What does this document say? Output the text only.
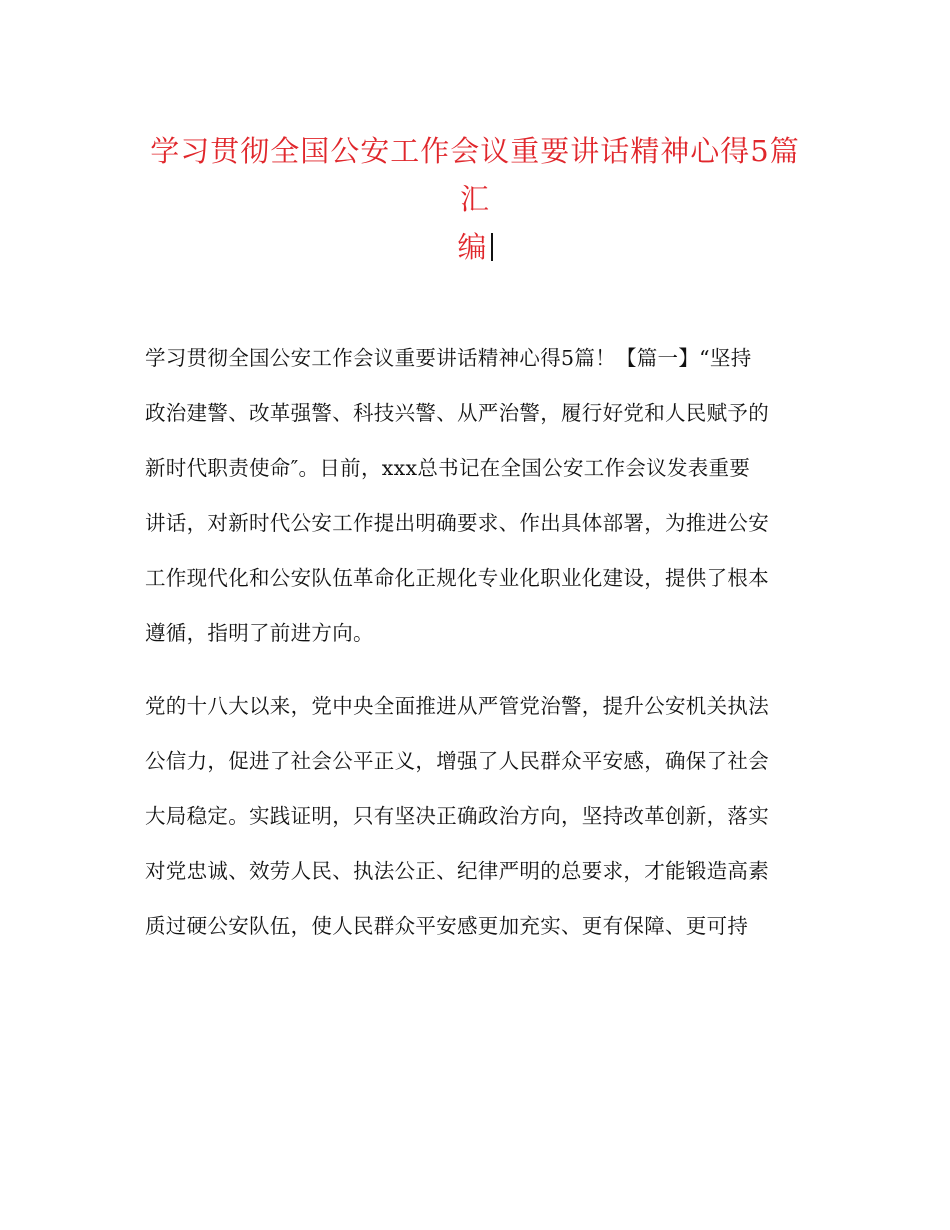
学习贯彻全国公安工作会议重要讲话精神心得5篇汇
编
学习贯彻全国公安工作会议重要讲话精神心得5篇！【篇一】“坚持
政治建警、改革强警、科技兴警、从严治警，履行好党和人民赋予的
新时代职责使命″。日前，xxx总书记在全国公安工作会议发表重要
讲话，对新时代公安工作提出明确要求、作出具体部署，为推进公安
工作现代化和公安队伍革命化正规化专业化职业化建设，提供了根本
遵循，指明了前进方向。
党的十八大以来，党中央全面推进从严管党治警，提升公安机关执法
公信力，促进了社会公平正义，增强了人民群众平安感，确保了社会
大局稳定。实践证明，只有坚决正确政治方向，坚持改革创新，落实
对党忠诚、效劳人民、执法公正、纪律严明的总要求，才能锻造高素
质过硬公安队伍，使人民群众平安感更加充实、更有保障、更可持
